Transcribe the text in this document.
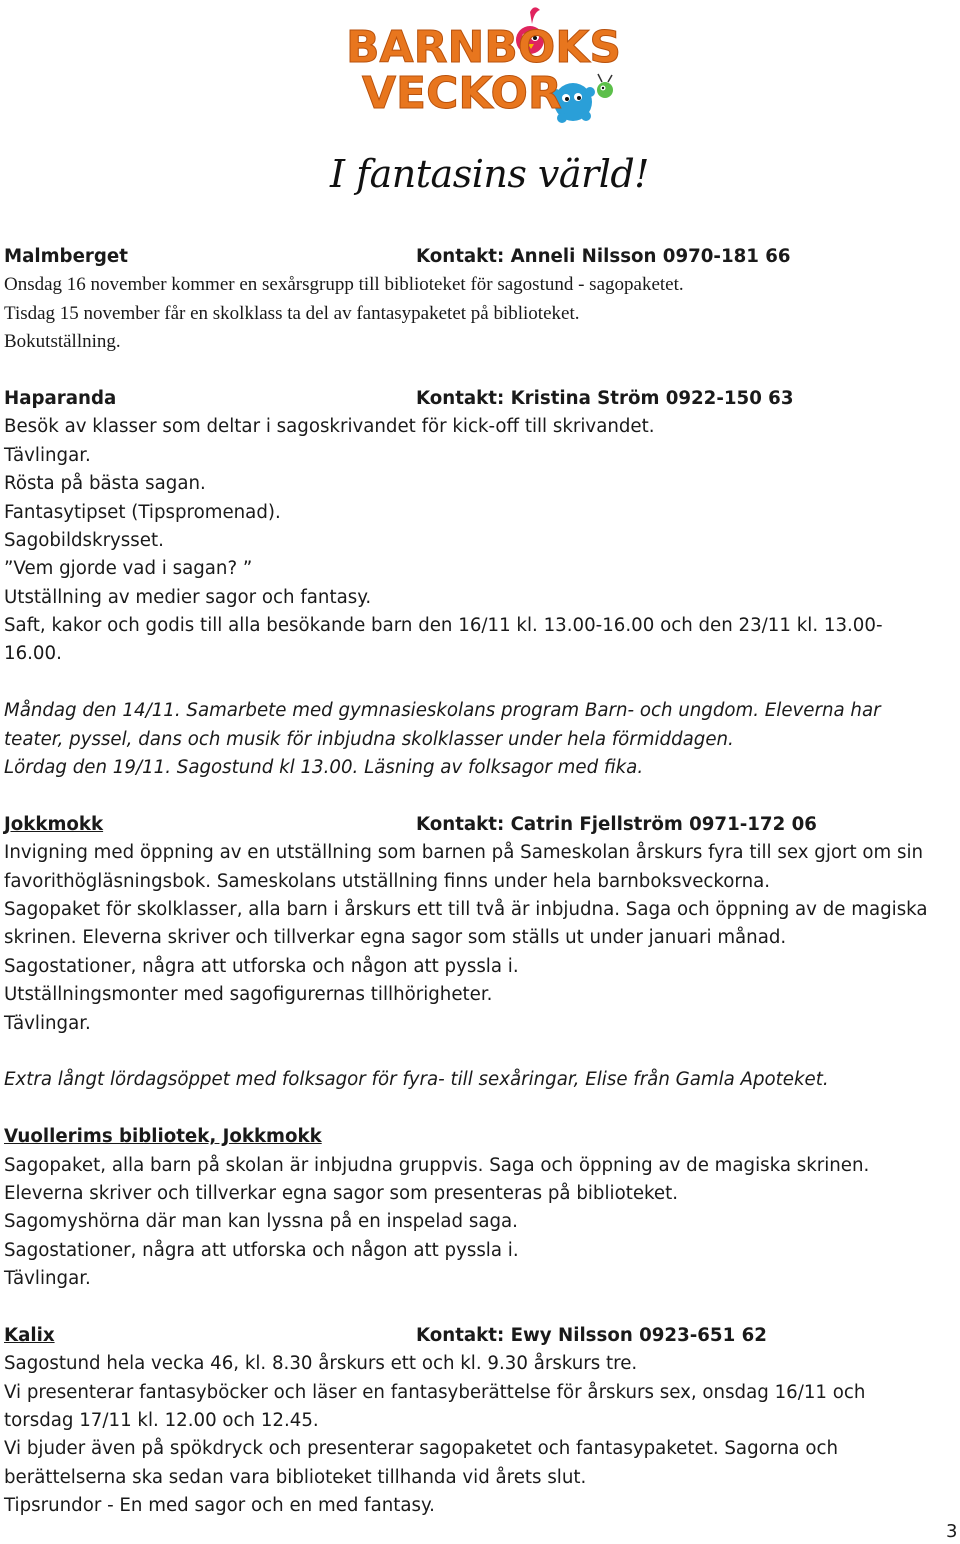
BARNBOKS
VECKOR
I fantasins värld!
Malmberget	Kontakt: Anneli Nilsson 0970-181 66
Onsdag 16 november kommer en sexårsgrupp till biblioteket för sagostund - sagopaketet.
Tisdag 15 november får en skolklass ta del av fantasypaketet på biblioteket.
Bokutställning.
Haparanda	Kontakt: Kristina Ström 0922-150 63
Besök av klasser som deltar i sagoskrivandet för kick-off till skrivandet.
Tävlingar.
Rösta på bästa sagan.
Fantasytipset (Tipspromenad).
Sagobildskrysset.
”Vem gjorde vad i sagan? ”
Utställning av medier sagor och fantasy.
Saft, kakor och godis till alla besökande barn den 16/11 kl. 13.00-16.00 och den 23/11 kl. 13.00-
16.00.
Måndag den 14/11. Samarbete med gymnasieskolans program Barn- och ungdom. Eleverna har
teater, pyssel, dans och musik för inbjudna skolklasser under hela förmiddagen.
Lördag den 19/11. Sagostund kl 13.00. Läsning av folksagor med fika.
Jokkmokk	Kontakt: Catrin Fjellström 0971-172 06
Invigning med öppning av en utställning som barnen på Sameskolan årskurs fyra till sex gjort om sin
favorithögläsningsbok. Sameskolans utställning finns under hela barnboksveckorna.
Sagopaket för skolklasser, alla barn i årskurs ett till två är inbjudna. Saga och öppning av de magiska
skrinen. Eleverna skriver och tillverkar egna sagor som ställs ut under januari månad.
Sagostationer, några att utforska och någon att pyssla i.
Utställningsmonter med sagofigurernas tillhörigheter.
Tävlingar.
Extra långt lördagsöppet med folksagor för fyra- till sexåringar, Elise från Gamla Apoteket.
Vuollerims bibliotek, Jokkmokk
Sagopaket, alla barn på skolan är inbjudna gruppvis. Saga och öppning av de magiska skrinen.
Eleverna skriver och tillverkar egna sagor som presenteras på biblioteket.
Sagomyshörna där man kan lyssna på en inspelad saga.
Sagostationer, några att utforska och någon att pyssla i.
Tävlingar.
Kalix	Kontakt: Ewy Nilsson 0923-651 62
Sagostund hela vecka 46, kl. 8.30 årskurs ett och kl. 9.30 årskurs tre.
Vi presenterar fantasyböcker och läser en fantasyberättelse för årskurs sex, onsdag 16/11 och
torsdag 17/11 kl. 12.00 och 12.45.
Vi bjuder även på spökdryck och presenterar sagopaketet och fantasypaketet. Sagorna och
berättelserna ska sedan vara biblioteket tillhanda vid årets slut.
Tipsrundor - En med sagor och en med fantasy.
3
